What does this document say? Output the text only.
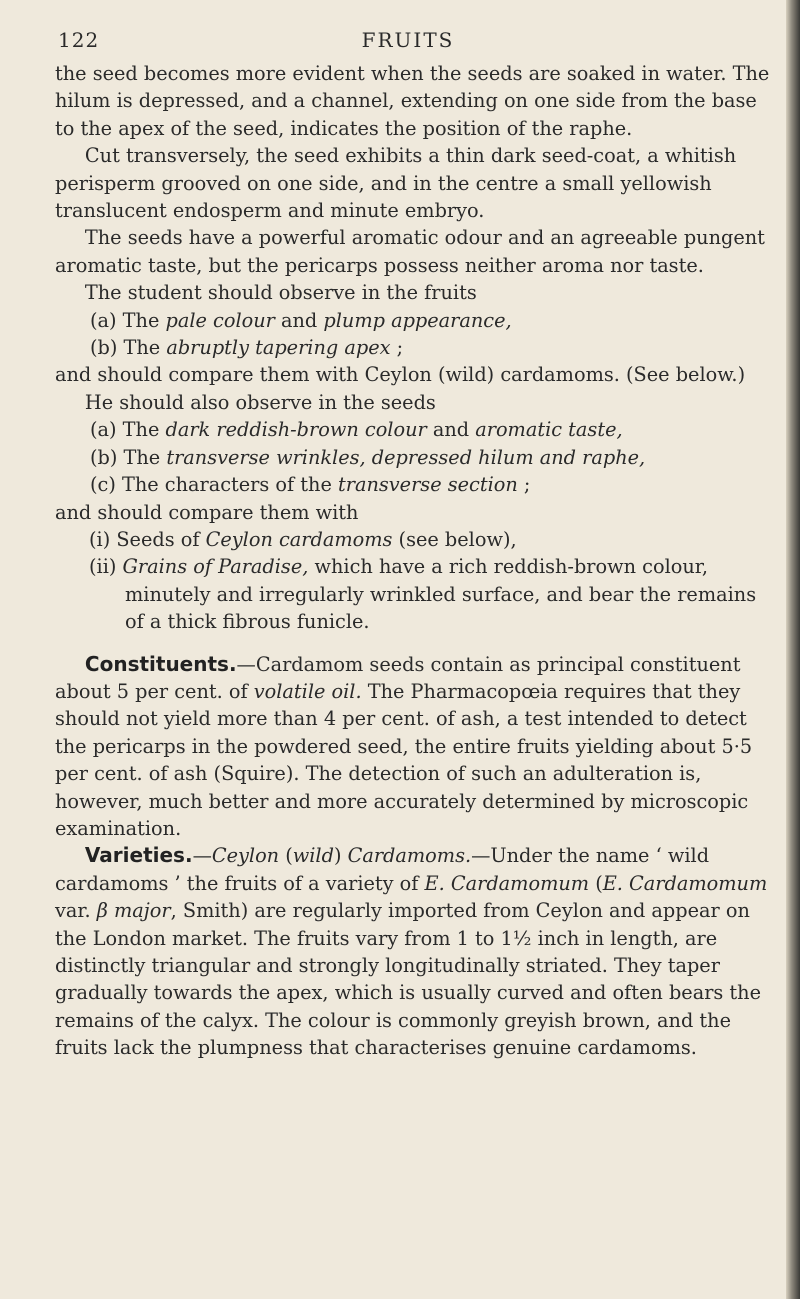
122	FRUITS

the seed becomes more evident when the seeds are soaked in water. The hilum is depressed, and a channel, extending on one side from the base to the apex of the seed, indicates the position of the raphe.

Cut transversely, the seed exhibits a thin dark seed-coat, a whitish perisperm grooved on one side, and in the centre a small yellowish translucent endosperm and minute embryo.

The seeds have a powerful aromatic odour and an agreeable pungent aromatic taste, but the pericarps possess neither aroma nor taste.

The student should observe in the fruits

(a) The pale colour and plump appearance,

(b) The abruptly tapering apex ;

and should compare them with Ceylon (wild) cardamoms. (See below.)

He should also observe in the seeds

(a) The dark reddish-brown colour and aromatic taste,

(b) The transverse wrinkles, depressed hilum and raphe,

(c) The characters of the transverse section ;

and should compare them with

(i) Seeds of Ceylon cardamoms (see below),

(ii) Grains of Paradise, which have a rich reddish-brown colour, minutely and irregularly wrinkled surface, and bear the remains of a thick fibrous funicle.

Constituents.—Cardamom seeds contain as principal constituent about 5 per cent. of volatile oil. The Pharmacopœia requires that they should not yield more than 4 per cent. of ash, a test intended to detect the pericarps in the powdered seed, the entire fruits yielding about 5·5 per cent. of ash (Squire). The detection of such an adulteration is, however, much better and more accurately determined by microscopic examination.

Varieties.—Ceylon (wild) Cardamoms.—Under the name ‘ wild cardamoms ’ the fruits of a variety of E. Cardamomum (E. Cardamomum var. β major, Smith) are regularly imported from Ceylon and appear on the London market. The fruits vary from 1 to 1½ inch in length, are distinctly triangular and strongly longitudinally striated. They taper gradually towards the apex, which is usually curved and often bears the remains of the calyx. The colour is commonly greyish brown, and the fruits lack the plumpness that characterises genuine cardamoms.
